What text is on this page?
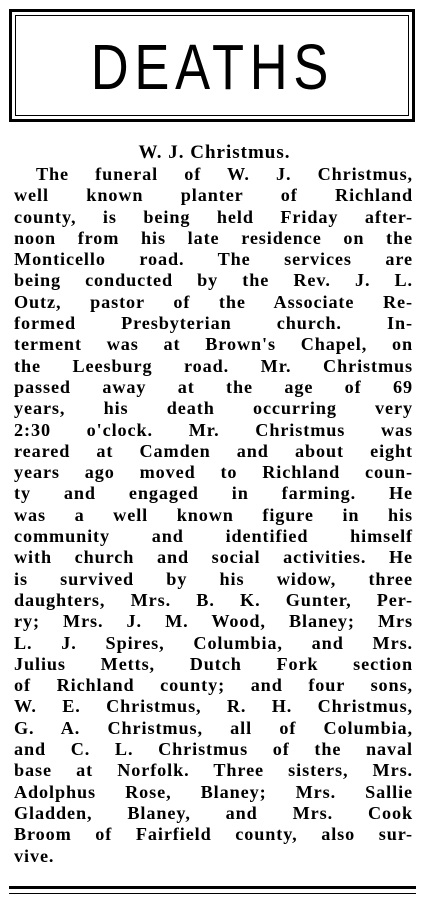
DEATHS
W. J. Christmus.

The funeral of W. J. Christmus,
well known planter of Richland
county, is being held Friday after-
noon from his late residence on the
Monticello road. The services are
being conducted by the Rev. J. L.
Outz, pastor of the Associate Re-
formed Presbyterian church. In-
terment was at Brown's Chapel, on
the Leesburg road. Mr. Christmus
passed away at the age of 69
years, his death occurring very
2:30 o'clock. Mr. Christmus was
reared at Camden and about eight
years ago moved to Richland coun-
ty and engaged in farming. He
was a well known figure in his
community and identified himself
with church and social activities. He
is survived by his widow, three
daughters, Mrs. B. K. Gunter, Per-
ry; Mrs. J. M. Wood, Blaney; Mrs
L. J. Spires, Columbia, and Mrs.
Julius Metts, Dutch Fork section
of Richland county; and four sons,
W. E. Christmus, R. H. Christmus,
G. A. Christmus, all of Columbia,
and C. L. Christmus of the naval
base at Norfolk. Three sisters, Mrs.
Adolphus Rose, Blaney; Mrs. Sallie
Gladden, Blaney, and Mrs. Cook
Broom of Fairfield county, also sur-
vive.
